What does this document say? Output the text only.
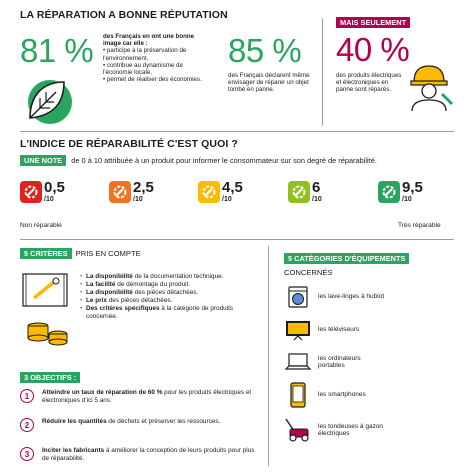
LA RÉPARATION A BONNE RÉPUTATION
81 % des Français en ont une bonne image car elle :
• participe à la préservation de l'environnement,
• contribue au dynamisme de l'économie locale,
• permet de réaliser des économies.
85 %
des Français déclarent même envisager de réparer un objet tombé en panne.
MAIS SEULEMENT
40 %
des produits électriques et électroniques en panne sont réparés.
L'INDICE DE RÉPARABILITÉ C'EST QUOI ?
UNE NOTE de 0 à 10 attribuée à un produit pour informer le consommateur sur son degré de réparabilité.
0,5
/10
2,5
/10
4,5
/10
6
/10
9,5
/10
Non réparable	Très réparable
5 CRITÈRES PRIS EN COMPTE
• La disponibilité de la documentation technique.
• La facilité de démontage du produit.
• La disponibilité des pièces détachées.
• Le prix des pièces détachées.
• Des critères spécifiques à la catégorie de produits concernée.
3 OBJECTIFS :
1	Atteindre un taux de réparation de 60 % pour les produits électriques et électroniques d'ici 5 ans.
2	Réduire les quantités de déchets et préserver les ressources.
3	Inciter les fabricants à améliorer la conception de leurs produits pour plus de réparabilité.
5 CATÉGORIES D'ÉQUIPEMENTS
CONCERNÉS
les lave-linges à hublot
les téléviseurs
les ordinateurs portables
les smartphones
les tondeuses à gazon électriques
